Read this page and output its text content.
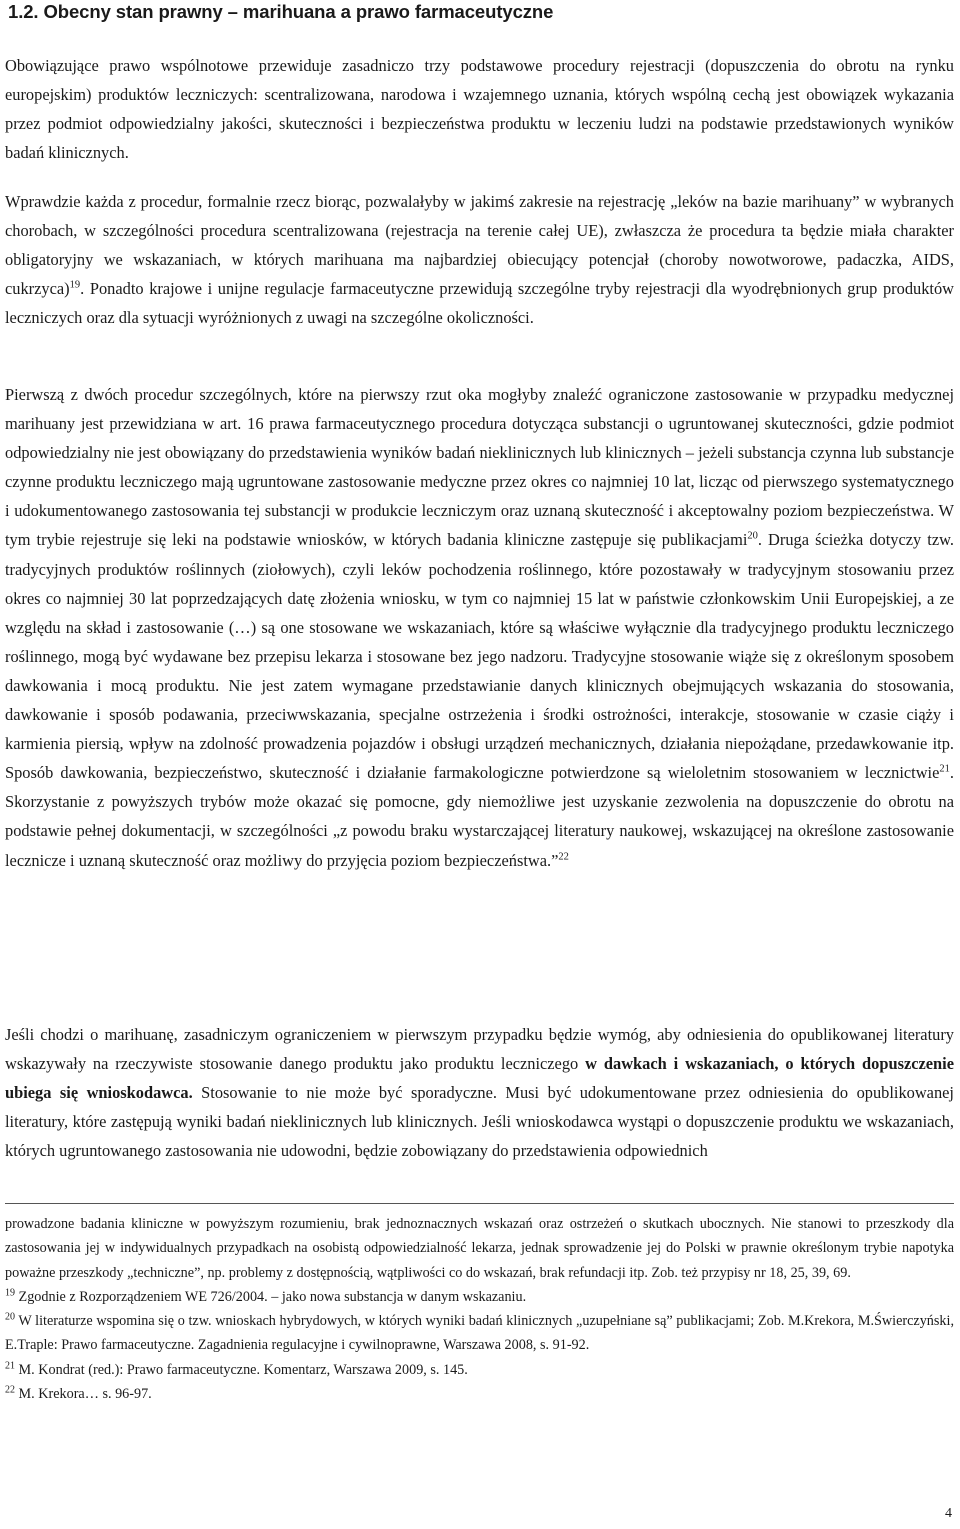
1.2. Obecny stan prawny – marihuana a prawo farmaceutyczne

Obowiązujące prawo wspólnotowe przewiduje zasadniczo trzy podstawowe procedury rejestracji (dopuszczenia do obrotu na rynku europejskim) produktów leczniczych: scentralizowana, narodowa i wzajemnego uznania, których wspólną cechą jest obowiązek wykazania przez podmiot odpowiedzialny jakości, skuteczności i bezpieczeństwa produktu w leczeniu ludzi na podstawie przedstawionych wyników badań klinicznych.

Wprawdzie każda z procedur, formalnie rzecz biorąc, pozwalałyby w jakimś zakresie na rejestrację „leków na bazie marihuany” w wybranych chorobach, w szczególności procedura scentralizowana (rejestracja na terenie całej UE), zwłaszcza że procedura ta będzie miała charakter obligatoryjny we wskazaniach, w których marihuana ma najbardziej obiecujący potencjał (choroby nowotworowe, padaczka, AIDS, cukrzyca)$^{19}$. Ponadto krajowe i unijne regulacje farmaceutyczne przewidują szczególne tryby rejestracji dla wyodrębnionych grup produktów leczniczych oraz dla sytuacji wyróżnionych z uwagi na szczególne okoliczności.

Pierwszą z dwóch procedur szczególnych, które na pierwszy rzut oka mogłyby znaleźć ograniczone zastosowanie w przypadku medycznej marihuany jest przewidziana w art. 16 prawa farmaceutycznego procedura dotycząca substancji o ugruntowanej skuteczności, gdzie podmiot odpowiedzialny nie jest obowiązany do przedstawienia wyników badań nieklinicznych lub klinicznych – jeżeli substancja czynna lub substancje czynne produktu leczniczego mają ugruntowane zastosowanie medyczne przez okres co najmniej 10 lat, licząc od pierwszego systematycznego i udokumentowanego zastosowania tej substancji w produkcie leczniczym oraz uznaną skuteczność i akceptowalny poziom bezpieczeństwa. W tym trybie rejestruje się leki na podstawie wniosków, w których badania kliniczne zastępuje się publikacjami$^{20}$. Druga ścieżka dotyczy tzw. tradycyjnych produktów roślinnych (ziołowych), czyli leków pochodzenia roślinnego, które pozostawały w tradycyjnym stosowaniu przez okres co najmniej 30 lat poprzedzających datę złożenia wniosku, w tym co najmniej 15 lat w państwie członkowskim Unii Europejskiej, a ze względu na skład i zastosowanie (…) są one stosowane we wskazaniach, które są właściwe wyłącznie dla tradycyjnego produktu leczniczego roślinnego, mogą być wydawane bez przepisu lekarza i stosowane bez jego nadzoru. Tradycyjne stosowanie wiąże się z określonym sposobem dawkowania i mocą produktu. Nie jest zatem wymagane przedstawianie danych klinicznych obejmujących wskazania do stosowania, dawkowanie i sposób podawania, przeciwwskazania, specjalne ostrzeżenia i środki ostrożności, interakcje, stosowanie w czasie ciąży i karmienia piersią, wpływ na zdolność prowadzenia pojazdów i obsługi urządzeń mechanicznych, działania niepożądane, przedawkowanie itp. Sposób dawkowania, bezpieczeństwo, skuteczność i działanie farmakologiczne potwierdzone są wieloletnim stosowaniem w lecznictwie$^{21}$. Skorzystanie z powyższych trybów może okazać się pomocne, gdy niemożliwe jest uzyskanie zezwolenia na dopuszczenie do obrotu na podstawie pełnej dokumentacji, w szczególności „z powodu braku wystarczającej literatury naukowej, wskazującej na określone zastosowanie lecznicze i uznaną skuteczność oraz możliwy do przyjęcia poziom bezpieczeństwa.”$^{22}$

Jeśli chodzi o marihuanę, zasadniczym ograniczeniem w pierwszym przypadku będzie wymóg, aby odniesienia do opublikowanej literatury wskazywały na rzeczywiste stosowanie danego produktu jako produktu leczniczego w dawkach i wskazaniach, o których dopuszczenie ubiega się wnioskodawca. Stosowanie to nie może być sporadyczne. Musi być udokumentowane przez odniesienia do opublikowanej literatury, które zastępują wyniki badań nieklinicznych lub klinicznych. Jeśli wnioskodawca wystąpi o dopuszczenie produktu we wskazaniach, których ugruntowanego zastosowania nie udowodni, będzie zobowiązany do przedstawienia odpowiednich

prowadzone badania kliniczne w powyższym rozumieniu, brak jednoznacznych wskazań oraz ostrzeżeń o skutkach ubocznych. Nie stanowi to przeszkody dla zastosowania jej w indywidualnych przypadkach na osobistą odpowiedzialność lekarza, jednak sprowadzenie jej do Polski w prawnie określonym trybie napotyka poważne przeszkody „techniczne”, np. problemy z dostępnością, wątpliwości co do wskazań, brak refundacji itp. Zob. też przypisy nr 18, 25, 39, 69.

$^{19}$ Zgodnie z Rozporządzeniem WE 726/2004. – jako nowa substancja w danym wskazaniu.

$^{20}$ W literaturze wspomina się o tzw. wnioskach hybrydowych, w których wyniki badań klinicznych „uzupełniane są” publikacjami; Zob. M.Krekora, M.Świerczyński, E.Traple: Prawo farmaceutyczne. Zagadnienia regulacyjne i cywilnoprawne, Warszawa 2008, s. 91-92.

$^{21}$ M. Kondrat (red.): Prawo farmaceutyczne. Komentarz, Warszawa 2009, s. 145.

$^{22}$ M. Krekora… s. 96-97.

4
